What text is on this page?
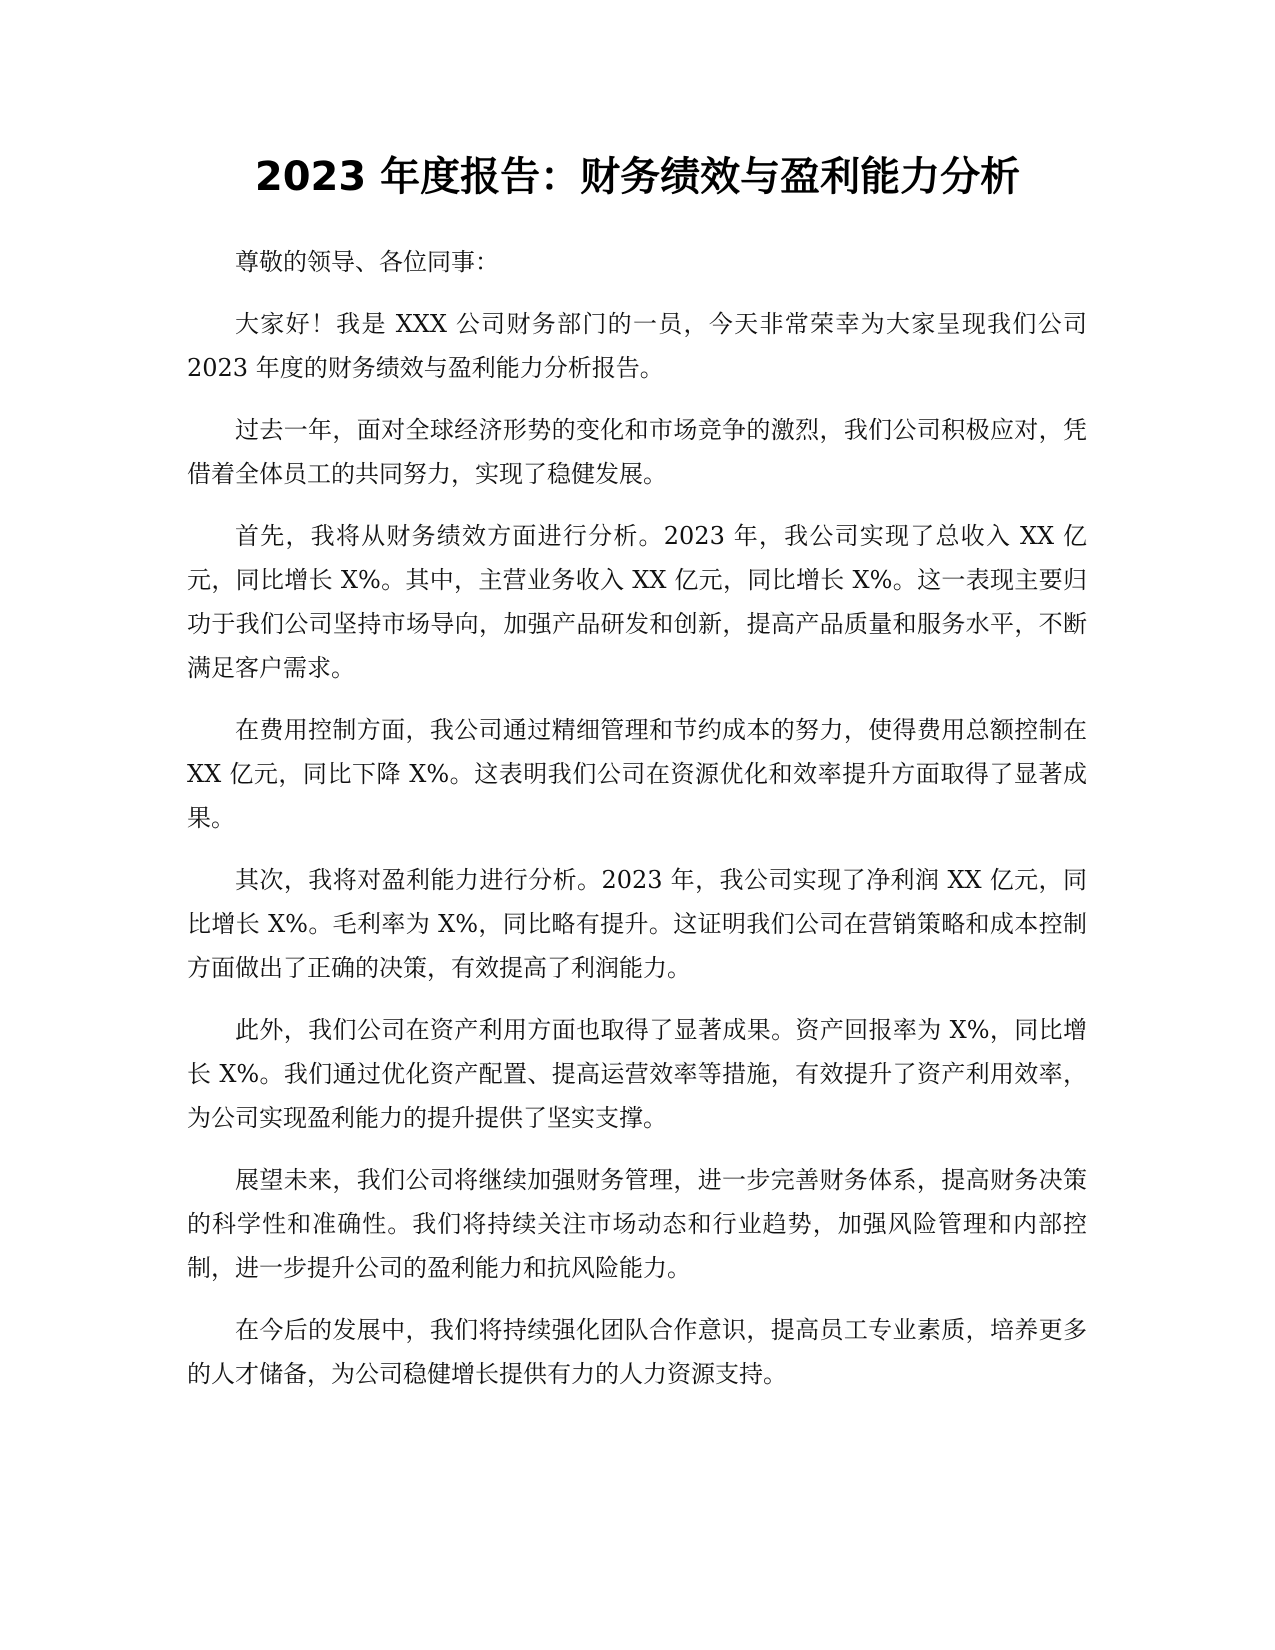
2023 年度报告：财务绩效与盈利能力分析

尊敬的领导、各位同事：

大家好！我是 XXX 公司财务部门的一员，今天非常荣幸为大家呈现我们公司 2023 年度的财务绩效与盈利能力分析报告。

过去一年，面对全球经济形势的变化和市场竞争的激烈，我们公司积极应对，凭借着全体员工的共同努力，实现了稳健发展。

首先，我将从财务绩效方面进行分析。2023 年，我公司实现了总收入 XX 亿元，同比增长 X%。其中，主营业务收入 XX 亿元，同比增长 X%。这一表现主要归功于我们公司坚持市场导向，加强产品研发和创新，提高产品质量和服务水平，不断满足客户需求。

在费用控制方面，我公司通过精细管理和节约成本的努力，使得费用总额控制在 XX 亿元，同比下降 X%。这表明我们公司在资源优化和效率提升方面取得了显著成果。

其次，我将对盈利能力进行分析。2023 年，我公司实现了净利润 XX 亿元，同比增长 X%。毛利率为 X%，同比略有提升。这证明我们公司在营销策略和成本控制方面做出了正确的决策，有效提高了利润能力。

此外，我们公司在资产利用方面也取得了显著成果。资产回报率为 X%，同比增长 X%。我们通过优化资产配置、提高运营效率等措施，有效提升了资产利用效率，为公司实现盈利能力的提升提供了坚实支撑。

展望未来，我们公司将继续加强财务管理，进一步完善财务体系，提高财务决策的科学性和准确性。我们将持续关注市场动态和行业趋势，加强风险管理和内部控制，进一步提升公司的盈利能力和抗风险能力。

在今后的发展中，我们将持续强化团队合作意识，提高员工专业素质，培养更多的人才储备，为公司稳健增长提供有力的人力资源支持。
